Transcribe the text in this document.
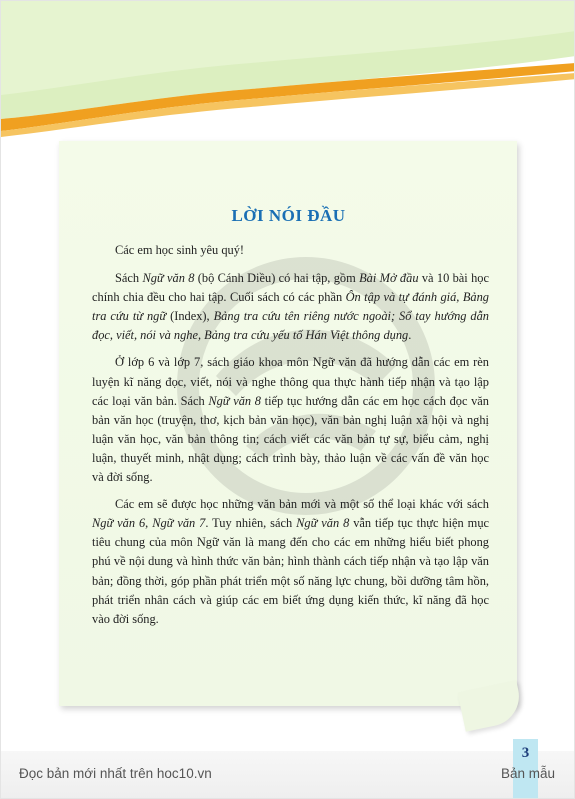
LỜI NÓI ĐẦU

Các em học sinh yêu quý!

Sách Ngữ văn 8 (bộ Cánh Diều) có hai tập, gồm Bài Mở đầu và 10 bài học chính chia đều cho hai tập. Cuối sách có các phần Ôn tập và tự đánh giá, Bảng tra cứu từ ngữ (Index), Bảng tra cứu tên riêng nước ngoài; Sổ tay hướng dẫn đọc, viết, nói và nghe, Bảng tra cứu yếu tố Hán Việt thông dụng.

Ở lớp 6 và lớp 7, sách giáo khoa môn Ngữ văn đã hướng dẫn các em rèn luyện kĩ năng đọc, viết, nói và nghe thông qua thực hành tiếp nhận và tạo lập các loại văn bản. Sách Ngữ văn 8 tiếp tục hướng dẫn các em học cách đọc văn bản văn học (truyện, thơ, kịch bản văn học), văn bản nghị luận xã hội và nghị luận văn học, văn bản thông tin; cách viết các văn bản tự sự, biểu cảm, nghị luận, thuyết minh, nhật dụng; cách trình bày, thảo luận về các vấn đề văn học và đời sống.

Các em sẽ được học những văn bản mới và một số thể loại khác với sách Ngữ văn 6, Ngữ văn 7. Tuy nhiên, sách Ngữ văn 8 vẫn tiếp tục thực hiện mục tiêu chung của môn Ngữ văn là mang đến cho các em những hiểu biết phong phú về nội dung và hình thức văn bản; hình thành cách tiếp nhận và tạo lập văn bản; đồng thời, góp phần phát triển một số năng lực chung, bồi dưỡng tâm hồn, phát triển nhân cách và giúp các em biết ứng dụng kiến thức, kĩ năng đã học vào đời sống.

3
Đọc bản mới nhất trên hoc10.vn	Bản mẫu
